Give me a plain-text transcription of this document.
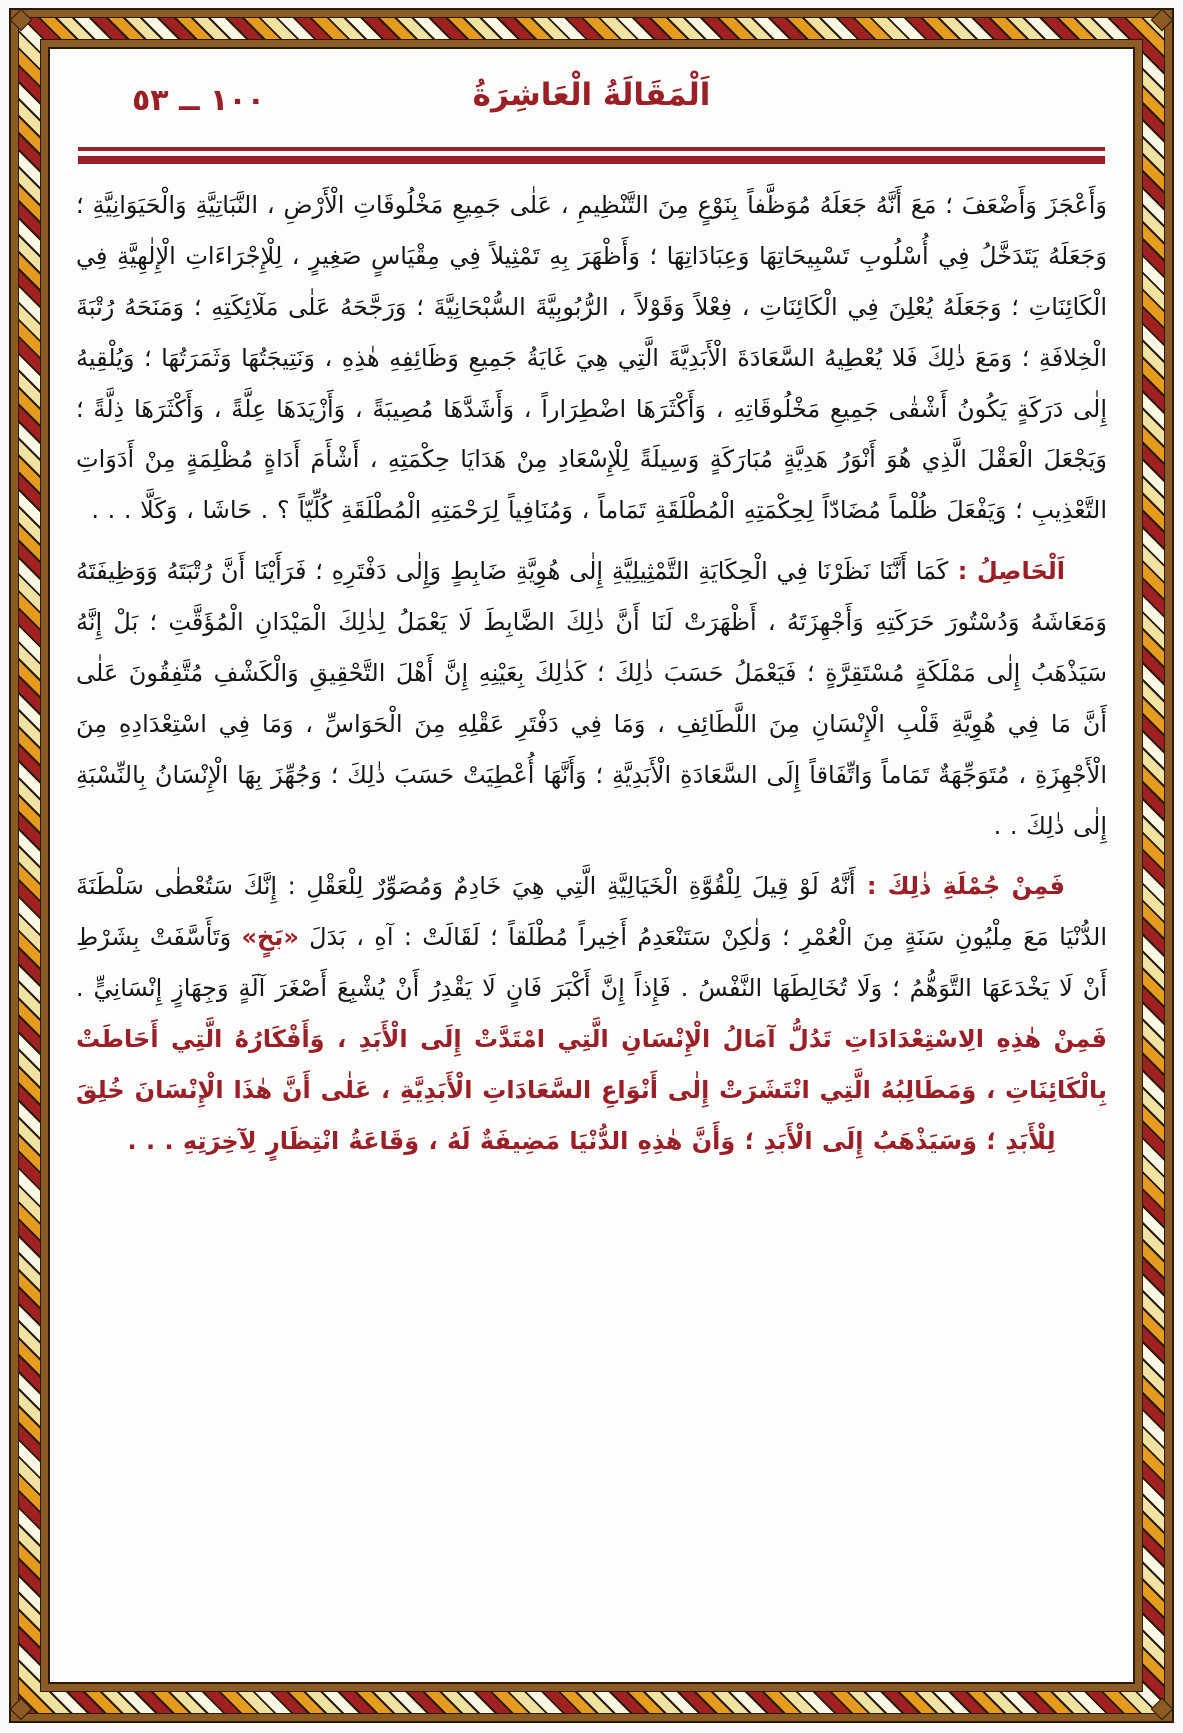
١٠٠ ــ ٥٣	اَلْمَقَالَةُ الْعَاشِرَةُ

وَأَعْجَزَ وَأَضْعَفَ ؛ مَعَ أَنَّهُ جَعَلَهُ مُوَظَّفاً بِنَوْعٍ مِنَ التَّنْظِيمِ ، عَلٰى جَمِيعِ مَخْلُوقَاتِ الْأَرْضِ ، النَّبَاتِيَّةِ وَالْحَيَوَانِيَّةِ ؛ وَجَعَلَهُ يَتَدَخَّلُ فِي أُسْلُوبِ تَسْبِيحَاتِهَا وَعِبَادَاتِهَا ؛ وَأَظْهَرَ بِهِ تَمْثِيلاً فِي مِقْيَاسٍ صَغِيرٍ ، لِلْإِجْرَاءَاتِ الْإِلٰهِيَّةِ فِي الْكَائِنَاتِ ؛ وَجَعَلَهُ يُعْلِنَ فِي الْكَائِنَاتِ ، فِعْلاً وَقَوْلاً ، الرُّبُوبِيَّةَ السُّبْحَانِيَّةَ ؛ وَرَجَّحَهُ عَلٰى مَلٓائِكَتِهِ ؛ وَمَنَحَهُ رُتْبَةَ الْخِلافَةِ ؛ وَمَعَ ذٰلِكَ فَلا يُعْطِيهُ السَّعَادَةَ الْأَبَدِيَّةَ الَّتِي هِيَ غَايَةُ جَمِيعِ وَظَائِفِهِ هٰذِهِ ، وَنَتِيجَتُهَا وَثَمَرَتُهَا ؛ وَيُلْقِيهُ إِلٰى دَرَكَةٍ يَكُونُ أَشْقٰى جَمِيعِ مَخْلُوقَاتِهِ ، وَأَكْثَرَهَا اضْطِرَاراً ، وَأَشَدَّهَا مُصِيبَةً ، وَأَزْيَدَهَا عِلَّةً ، وَأَكْثَرَهَا ذِلَّةً ؛ وَيَجْعَلَ الْعَقْلَ الَّذِي هُوَ أَنْوَرُ هَدِيَّةٍ مُبَارَكَةٍ وَسِيلَةً لِلْإِسْعَادِ مِنْ هَدَايَا حِكْمَتِهِ ، أَشْأَمَ أَدَاةٍ مُظْلِمَةٍ مِنْ أَدَوَاتِ التَّعْذِيبِ ؛ وَيَفْعَلَ ظُلْماً مُضَادّاً لِحِكْمَتِهِ الْمُطْلَقَةِ تَمَاماً ، وَمُنَافِياً لِرَحْمَتِهِ الْمُطْلَقَةِ كُلِّيّاً ؟ . حَاشَا ، وَكَلَّا . . .

اَلْحَاصِلُ : كَمَا أَنَّنَا نَظَرْنَا فِي الْحِكَايَةِ التَّمْثِيلِيَّةِ إِلٰى هُوِيَّةِ ضَابِطٍ وَإِلٰى دَفْتَرِهِ ؛ فَرَأَيْنَا أَنَّ رُتْبَتَهُ وَوَظِيفَتَهُ وَمَعَاشَهُ وَدُسْتُورَ حَرَكَتِهِ وَأَجْهِزَتَهُ ، أَظْهَرَتْ لَنَا أَنَّ ذٰلِكَ الضَّابِطَ لَا يَعْمَلُ لِذٰلِكَ الْمَيْدَانِ الْمُؤَقَّتِ ؛ بَلْ إِنَّهُ سَيَذْهَبُ إِلٰى مَمْلَكَةٍ مُسْتَقِرَّةٍ ؛ فَيَعْمَلُ حَسَبَ ذٰلِكَ ؛ كَذٰلِكَ بِعَيْنِهِ إِنَّ أَهْلَ التَّحْقِيقِ وَالْكَشْفِ مُتَّفِقُونَ عَلٰى أَنَّ مَا فِي هُوِيَّةِ قَلْبِ الْإِنْسَانِ مِنَ اللَّطَائِفِ ، وَمَا فِي دَفْتَرِ عَقْلِهِ مِنَ الْحَوَاسِّ ، وَمَا فِي اسْتِعْدَادِهِ مِنَ الْأَجْهِزَةِ ، مُتَوَجِّهَةٌ تَمَاماً وَاتِّفَاقاً إِلَى السَّعَادَةِ الْأَبَدِيَّةِ ؛ وَأَنَّهَا أُعْطِيَتْ حَسَبَ ذٰلِكَ ؛ وَجُهِّزَ بِهَا الْإِنْسَانُ بِالنِّسْبَةِ إِلٰى ذٰلِكَ . .

فَمِنْ جُمْلَةِ ذٰلِكَ : أَنَّهُ لَوْ قِيلَ لِلْقُوَّةِ الْخَيَالِيَّةِ الَّتِي هِيَ خَادِمٌ وَمُصَوِّرٌ لِلْعَقْلِ : إِنَّكَ سَتُعْطٰى سَلْطَنَةَ الدُّنْيَا مَعَ مِلْيُونِ سَنَةٍ مِنَ الْعُمْرِ ؛ وَلٰكِنْ سَتَنْعَدِمُ أَخِيراً مُطْلَقاً ؛ لَقَالَتْ : آهِ ، بَدَلَ «بَخٍ» وَتَأَسَّفَتْ بِشَرْطِ أَنْ لَا يَخْدَعَهَا التَّوَهُّمُ ؛ وَلَا تُخَالِطَهَا النَّفْسُ . فَإِذاً إِنَّ أَكْبَرَ فَانٍ لَا يَقْدِرُ أَنْ يُشْبِعَ أَصْغَرَ آلَةٍ وَجِهَازٍ إِنْسَانِيٍّ . فَمِنْ هٰذِهِ الِاسْتِعْدَادَاتِ تَدُلُّ آمَالُ الْإِنْسَانِ الَّتِي امْتَدَّتْ إِلَى الْأَبَدِ ، وَأَفْكَارُهُ الَّتِي أَحَاطَتْ بِالْكَائِنَاتِ ، وَمَطَالِبُهُ الَّتِي انْتَشَرَتْ إِلٰى أَنْوَاعِ السَّعَادَاتِ الْأَبَدِيَّةِ ، عَلٰى أَنَّ هٰذَا الْإِنْسَانَ خُلِقَ لِلْأَبَدِ ؛ وَسَيَذْهَبُ إِلَى الْأَبَدِ ؛ وَأَنَّ هٰذِهِ الدُّنْيَا مَضِيفَةٌ لَهُ ، وَقَاعَةُ انْتِظَارٍ لِآخِرَتِهِ . . .
